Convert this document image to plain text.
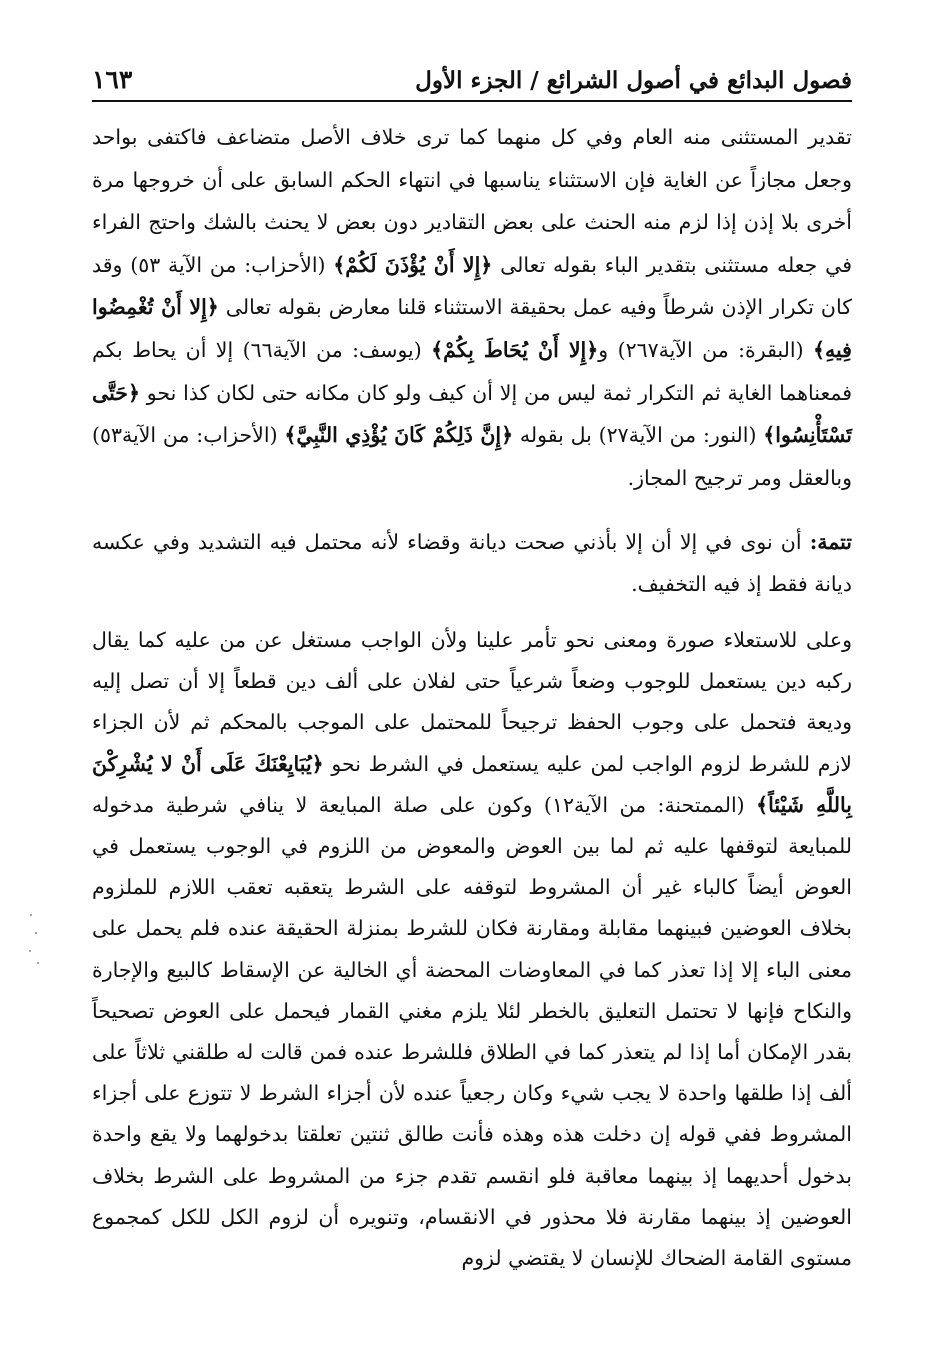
فصول البدائع في أصول الشرائع / الجزء الأول
١٦٣

تقدير المستثنى منه العام وفي كل منهما كما ترى خلاف الأصل متضاعف فاكتفى بواحد وجعل مجازاً عن الغاية فإن الاستثناء يناسبها في انتهاء الحكم السابق على أن خروجها مرة أخرى بلا إذن إذا لزم منه الحنث على بعض التقادير دون بعض لا يحنث بالشك واحتج الفراء في جعله مستثنى بتقدير الباء بقوله تعالى ﴿إِلا أَنْ يُؤْذَنَ لَكُمْ﴾ (الأحزاب: من الآية ٥٣) وقد كان تكرار الإذن شرطاً وفيه عمل بحقيقة الاستثناء قلنا معارض بقوله تعالى ﴿إِلا أَنْ تُغْمِضُوا فِيهِ﴾ (البقرة: من الآية٢٦٧) و﴿إِلا أَنْ يُحَاطَ بِكُمْ﴾ (يوسف: من الآية٦٦) إلا أن يحاط بكم فمعناهما الغاية ثم التكرار ثمة ليس من إلا أن كيف ولو كان مكانه حتى لكان كذا نحو ﴿حَتَّى تَسْتَأْنِسُوا﴾ (النور: من الآية٢٧) بل بقوله ﴿إِنَّ ذَلِكُمْ كَانَ يُؤْذِي النَّبِيَّ﴾ (الأحزاب: من الآية٥٣) وبالعقل ومر ترجيح المجاز.

تتمة: أن نوى في إلا أن إلا بأذني صحت ديانة وقضاء لأنه محتمل فيه التشديد وفي عكسه ديانة فقط إذ فيه التخفيف.

وعلى للاستعلاء صورة ومعنى نحو تأمر علينا ولأن الواجب مستغل عن من عليه كما يقال ركبه دين يستعمل للوجوب وضعاً شرعياً حتى لفلان على ألف دين قطعاً إلا أن تصل إليه وديعة فتحمل على وجوب الحفظ ترجيحاً للمحتمل على الموجب بالمحكم ثم لأن الجزاء لازم للشرط لزوم الواجب لمن عليه يستعمل في الشرط نحو ﴿يُبَايِعْنَكَ عَلَى أَنْ لا يُشْرِكْنَ بِاللَّهِ شَيْئاً﴾ (الممتحنة: من الآية١٢) وكون على صلة المبايعة لا ينافي شرطية مدخوله للمبايعة لتوقفها عليه ثم لما بين العوض والمعوض من اللزوم في الوجوب يستعمل في العوض أيضاً كالباء غير أن المشروط لتوقفه على الشرط يتعقبه تعقب اللازم للملزوم بخلاف العوضين فبينهما مقابلة ومقارنة فكان للشرط بمنزلة الحقيقة عنده فلم يحمل على معنى الباء إلا إذا تعذر كما في المعاوضات المحضة أي الخالية عن الإسقاط كالبيع والإجارة والنكاح فإنها لا تحتمل التعليق بالخطر لئلا يلزم مغني القمار فيحمل على العوض تصحيحاً بقدر الإمكان أما إذا لم يتعذر كما في الطلاق فللشرط عنده فمن قالت له طلقني ثلاثاً على ألف إذا طلقها واحدة لا يجب شيء وكان رجعياً عنده لأن أجزاء الشرط لا تتوزع على أجزاء المشروط ففي قوله إن دخلت هذه وهذه فأنت طالق ثنتين تعلقتا بدخولهما ولا يقع واحدة بدخول أحديهما إذ بينهما معاقبة فلو انقسم تقدم جزء من المشروط على الشرط بخلاف العوضين إذ بينهما مقارنة فلا محذور في الانقسام، وتنويره أن لزوم الكل للكل كمجموع مستوى القامة الضحاك للإنسان لا يقتضي لزوم
